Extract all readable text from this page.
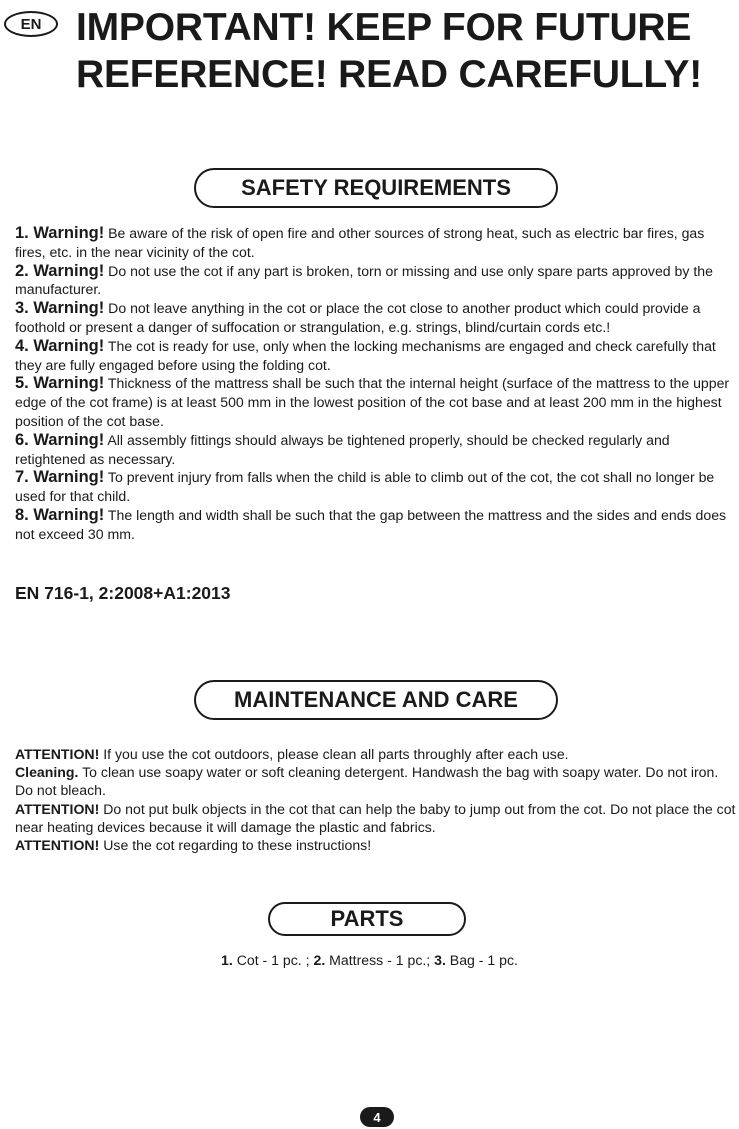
EN IMPORTANT! KEEP FOR FUTURE
REFERENCE! READ CAREFULLY!
SAFETY REQUIREMENTS

1. Warning! Be aware of the risk of open fire and other sources of strong heat, such as electric bar fires, gas fires, etc. in the near vicinity of the cot.

2. Warning! Do not use the cot if any part is broken, torn or missing and use only spare parts approved by the manufacturer.

3. Warning! Do not leave anything in the cot or place the cot close to another product which could provide a foothold or present a danger of suffocation or strangulation, e.g. strings, blind/curtain cords etc.!

4. Warning! The cot is ready for use, only when the locking mechanisms are engaged and check carefully that they are fully engaged before using the folding cot.

5. Warning! Thickness of the mattress shall be such that the internal height (surface of the mattress to the upper edge of the cot frame) is at least 500 mm in the lowest position of the cot base and at least 200 mm in the highest position of the cot base.

6. Warning! All assembly fittings should always be tightened properly, should be checked regularly and retightened as necessary.

7. Warning! To prevent injury from falls when the child is able to climb out of the cot, the cot shall no longer be used for that child.

8. Warning! The length and width shall be such that the gap between the mattress and the sides and ends does not exceed 30 mm.

EN 716-1, 2:2008+A1:2013
MAINTENANCE AND CARE

ATTENTION! If you use the cot outdoors, please clean all parts throughly after each use.

Cleaning. To clean use soapy water or soft cleaning detergent. Handwash the bag with soapy water. Do not iron. Do not bleach.

ATTENTION! Do not put bulk objects in the cot that can help the baby to jump out from the cot. Do not place the cot near heating devices because it will damage the plastic and fabrics.

ATTENTION! Use the cot regarding to these instructions!

PARTS
1. Cot - 1 pc. ; 2. Mattress - 1 pc.; 3. Bag - 1 pc.
4
